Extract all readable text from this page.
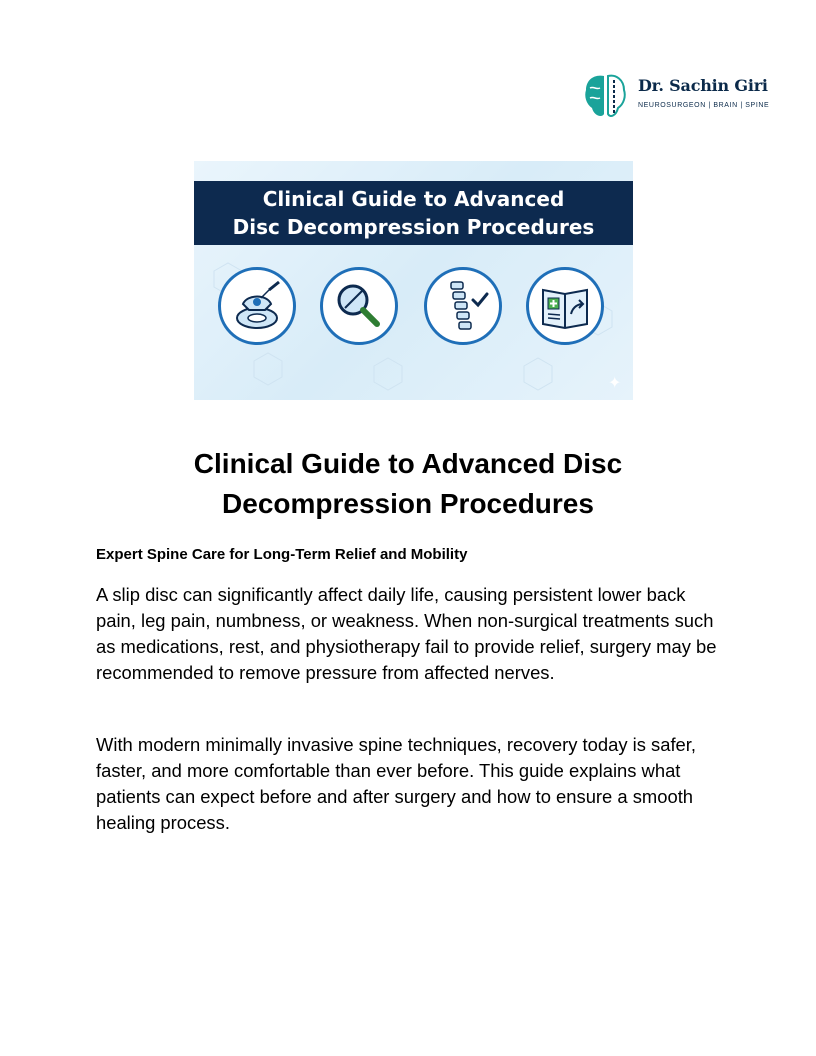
Dr. Sachin Giri
NEUROSURGEON | BRAIN | SPINE
Clinical Guide to Advanced
Disc Decompression Procedures
✦
Clinical Guide to Advanced Disc Decompression Procedures
Expert Spine Care for Long-Term Relief and Mobility

A slip disc can significantly affect daily life, causing persistent lower back pain, leg pain, numbness, or weakness. When non-surgical treatments such as medications, rest, and physiotherapy fail to provide relief, surgery may be recommended to remove pressure from affected nerves.

With modern minimally invasive spine techniques, recovery today is safer, faster, and more comfortable than ever before. This guide explains what patients can expect before and after surgery and how to ensure a smooth healing process.
